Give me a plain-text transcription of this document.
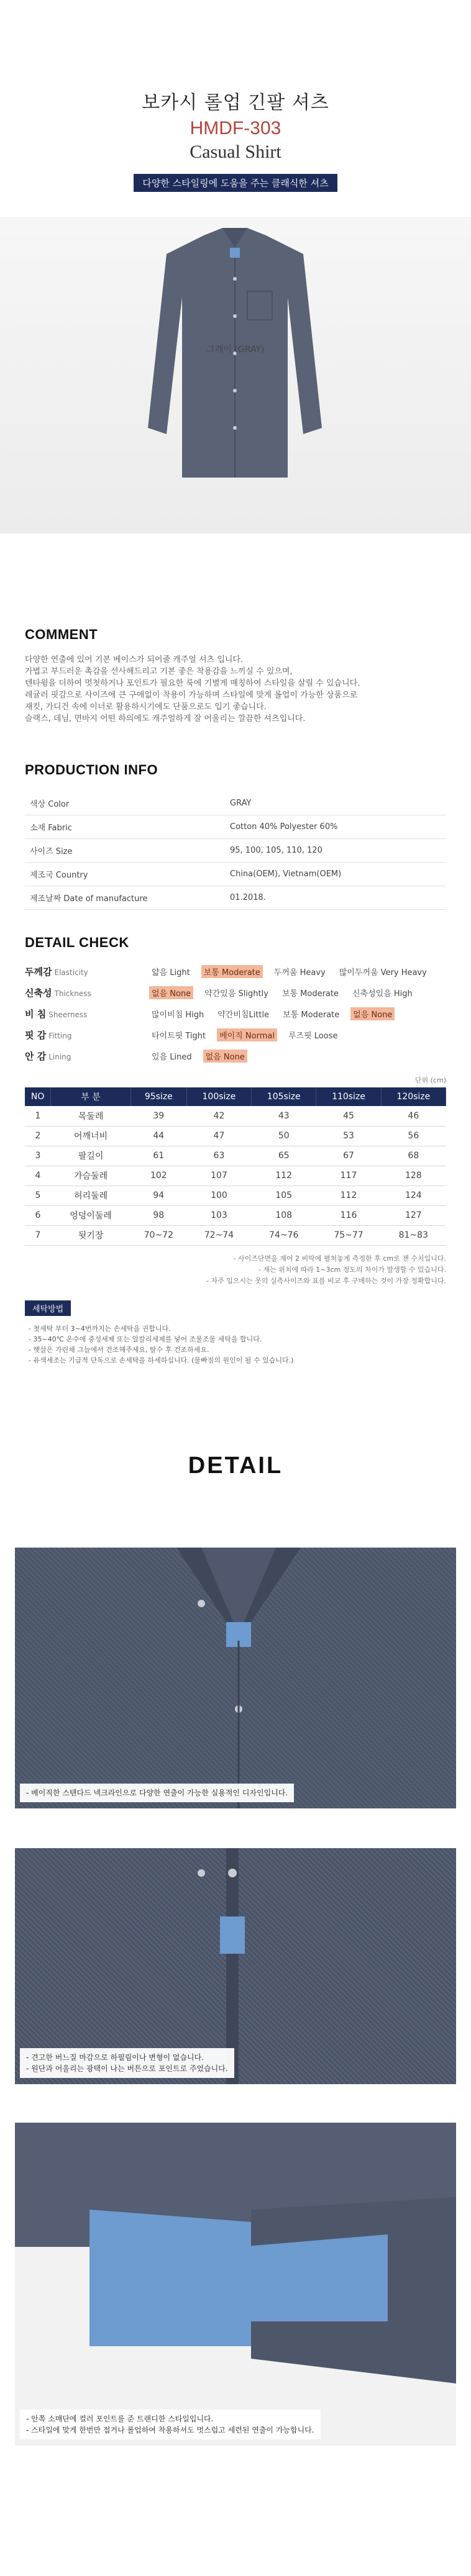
보카시 롤업 긴팔 셔츠
HMDF-303
Casual Shirt
다양한 스타일링에 도움을 주는 클래식한 셔츠
그레이 (GRAY)
COMMENT

다양한 연출에 있어 기본 베이스가 되어줄 캐주얼 셔츠 입니다.
가볍고 부드러운 촉감을 선사해드리고 기본 좋은 착용감을 느끼실 수 있으며,
텐타윙을 더하여 멋첫하거나 포인트가 필요한 룩에 기별게 매칭하여 스타일을 살릴 수 있습니다.
레귤러 핏감으로 사이즈에 큰 구애없이 착용이 가능하며 스타일에 맞게 롤업이 가능한 상품으로
재킷, 가디건 속에 이너로 활용하시기에도 단품으로도 입기 좋습니다.
슬랙스, 데님, 면바지 어떤 하의에도 캐주얼하게 잘 어울리는 깔끔한 셔츠입니다.

PRODUCTION INFO
색상 Color	GRAY
소재 Fabric	Cotton 40% Polyester 60%
사이즈 Size	95, 100, 105, 110, 120
제조국 Country	China(OEM), Vietnam(OEM)
제조날짜 Date of manufacture	01.2018.
DETAIL CHECK
두께감 Elasticity	얇음 Light	보통 Moderate	두꺼움 Heavy	많이두꺼움 Very Heavy
신축성 Thickness	없음 None	약간있음 Slightly	보통 Moderate	신축성있음 High
비 침 Sheerness	많이비침 High	약간비침Little	보통 Moderate	없음 None
핏 감 Fitting	타이트핏 Tight	베이직 Normal	루즈핏 Loose
안 감 Lining	있음 Lined	없음 None
단위 (cm)
NO	부 분	95size	100size	105size	110size	120size
1	목둘레	39	42	43	45	46
2	어깨너비	44	47	50	53	56
3	팔길이	61	63	65	67	68
4	가슴둘레	102	107	112	117	128
5	허리둘레	94	100	105	112	124
6	엉덩이둘레	98	103	108	116	127
7	뒷기장	70~72	72~74	74~76	75~77	81~83
- 사이즈단면을 재어 2 비딱에 펼쳐놓게 측정한 후 cm로 잰 수치입니다.
- 재는 위치에 따라 1~3cm 정도의 차이가 발생할 수 있습니다.
- 자주 입으시는 옷의 실측사이즈와 표를 비교 후 구매하는 것이 가장 정확합니다.
세탁방법
- 첫세탁 부터 3~4번까지는 손세탁을 권합니다.
- 35~40℃ 온수에 중성세제 또는 알칼리세제를 넣어 조물조물 세탁을 합니다.
- 햇살은 가린채 그늘에서 건조해주세요, 탈수 후 건조하세요.
- 유색세조는 기급적 단독으로 손세탁을 하세하십니다. (물빠짐의 원인이 될 수 있습니다.)
DETAIL
- 베이직한 스탠다드 넥크라인으로 다양한 연출이 가능한 실용적인 디자인입니다.
- 견고한 버느질 마감으로 하필림이나 변형이 없습니다.
- 원단과 어울리는 광택이 나는 버튼으로 포인트로 주었습니다.
- 안쪽 소매단에 컬러 포인트를 준 트랜디한 스타일입니다.
- 스타일에 맞게 한번만 접거나 롤업하여 착용하셔도 멋스럽고 세련된 연출이 가능합니다.
